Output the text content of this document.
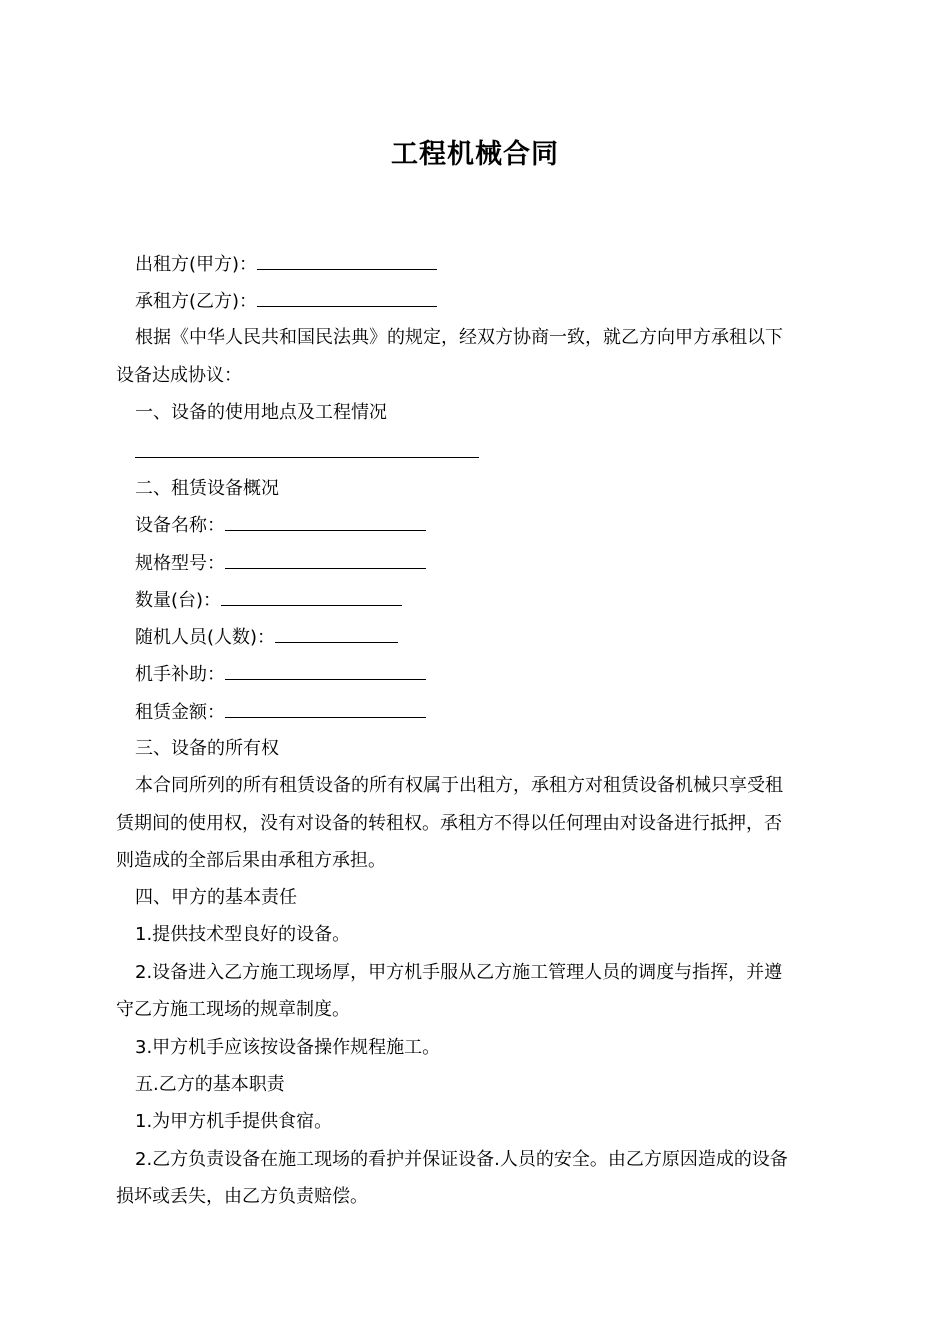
工程机械合同
出租方(甲方)：
承租方(乙方)：
根据《中华人民共和国民法典》的规定，经双方协商一致，就乙方向甲方承租以下
设备达成协议：
一、设备的使用地点及工程情况
二、租赁设备概况
设备名称：
规格型号：
数量(台)：
随机人员(人数)：
机手补助：
租赁金额：
三、设备的所有权
本合同所列的所有租赁设备的所有权属于出租方，承租方对租赁设备机械只享受租
赁期间的使用权，没有对设备的转租权。承租方不得以任何理由对设备进行抵押，否
则造成的全部后果由承租方承担。
四、甲方的基本责任
1.提供技术型良好的设备。
2.设备进入乙方施工现场厚，甲方机手服从乙方施工管理人员的调度与指挥，并遵
守乙方施工现场的规章制度。
3.甲方机手应该按设备操作规程施工。
五.乙方的基本职责
1.为甲方机手提供食宿。
2.乙方负责设备在施工现场的看护并保证设备.人员的安全。由乙方原因造成的设备
损坏或丢失，由乙方负责赔偿。
